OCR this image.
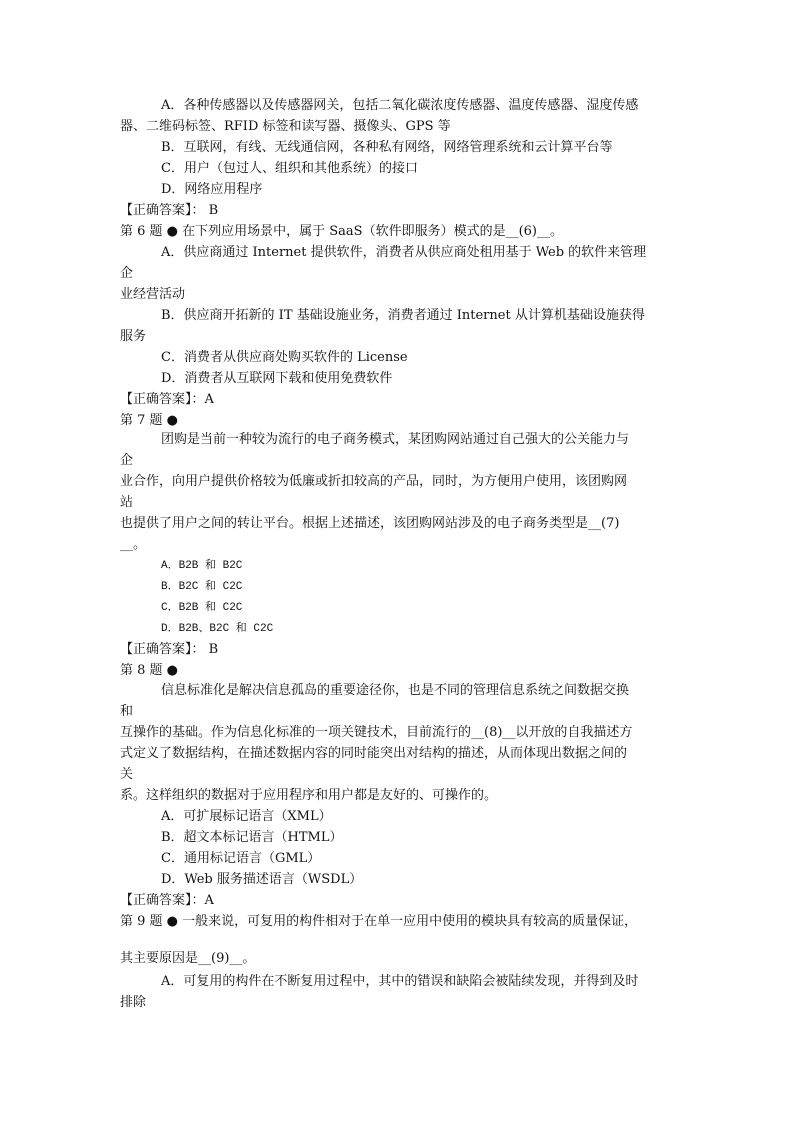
A．各种传感器以及传感器网关，包括二氧化碳浓度传感器、温度传感器、湿度传感
器、二维码标签、RFID 标签和读写器、摄像头、GPS 等
B．互联网，有线、无线通信网，各种私有网络，网络管理系统和云计算平台等
C．用户（包过人、组织和其他系统）的接口
D．网络应用程序
【正确答案】： B
第 6 题 ● 在下列应用场景中，属于 SaaS（软件即服务）模式的是__(6)__。
A．供应商通过 Internet 提供软件，消费者从供应商处租用基于 Web 的软件来管理
企
业经营活动
B．供应商开拓新的 IT 基础设施业务，消费者通过 Internet 从计算机基础设施获得
服务
C．消费者从供应商处购买软件的 License
D．消费者从互联网下载和使用免费软件
【正确答案】：A
第 7 题 ●
团购是当前一种较为流行的电子商务模式，某团购网站通过自己强大的公关能力与
企
业合作，向用户提供价格较为低廉或折扣较高的产品，同时，为方便用户使用，该团购网
站
也提供了用户之间的转让平台。根据上述描述，该团购网站涉及的电子商务类型是__(7)
__。
A．B2B 和 B2C
B．B2C 和 C2C
C．B2B 和 C2C
D．B2B、B2C 和 C2C
【正确答案】： B
第 8 题 ●
信息标准化是解决信息孤岛的重要途径你，也是不同的管理信息系统之间数据交换
和
互操作的基础。作为信息化标准的一项关键技术，目前流行的__(8)__以开放的自我描述方
式定义了数据结构，在描述数据内容的同时能突出对结构的描述，从而体现出数据之间的
关
系。这样组织的数据对于应用程序和用户都是友好的、可操作的。
A．可扩展标记语言（XML）
B．超文本标记语言（HTML）
C．通用标记语言（GML）
D．Web 服务描述语言（WSDL）
【正确答案】：A
第 9 题 ● 一般来说，可复用的构件相对于在单一应用中使用的模块具有较高的质量保证，
其主要原因是__(9)__。
A．可复用的构件在不断复用过程中，其中的错误和缺陷会被陆续发现，并得到及时
排除
